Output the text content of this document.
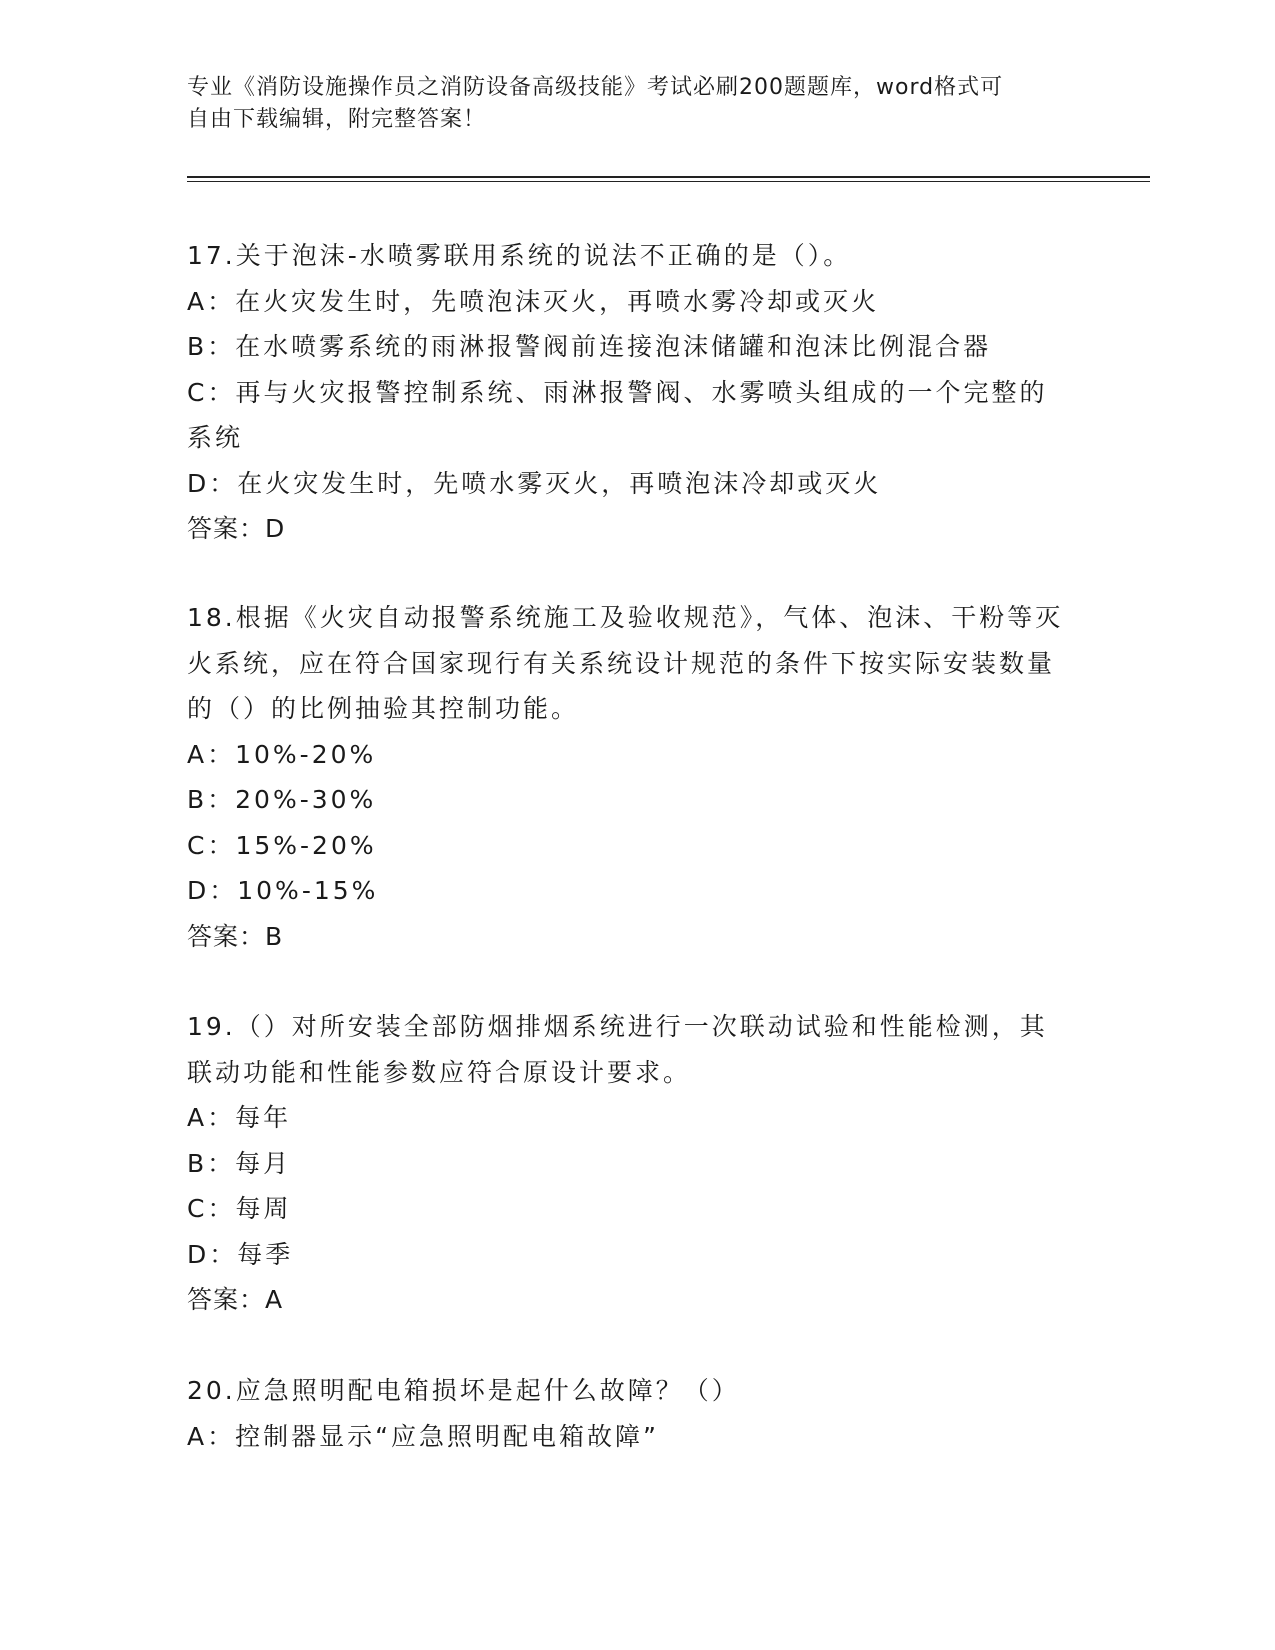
专业《消防设施操作员之消防设备高级技能》考试必刷200题题库，word格式可
自由下载编辑，附完整答案！
17.关于泡沫-水喷雾联用系统的说法不正确的是（）。
A：在火灾发生时，先喷泡沫灭火，再喷水雾冷却或灭火
B：在水喷雾系统的雨淋报警阀前连接泡沫储罐和泡沫比例混合器
C：再与火灾报警控制系统、雨淋报警阀、水雾喷头组成的一个完整的系统
D：在火灾发生时，先喷水雾灭火，再喷泡沫冷却或灭火
答案：D
18.根据《火灾自动报警系统施工及验收规范》，气体、泡沫、干粉等灭火系统，应在符合国家现行有关系统设计规范的条件下按实际安装数量的（）的比例抽验其控制功能。
A：10%-20%
B：20%-30%
C：15%-20%
D：10%-15%
答案：B
19.（）对所安装全部防烟排烟系统进行一次联动试验和性能检测，其联动功能和性能参数应符合原设计要求。
A：每年
B：每月
C：每周
D：每季
答案：A
20.应急照明配电箱损坏是起什么故障？（）
A：控制器显示“应急照明配电箱故障”
